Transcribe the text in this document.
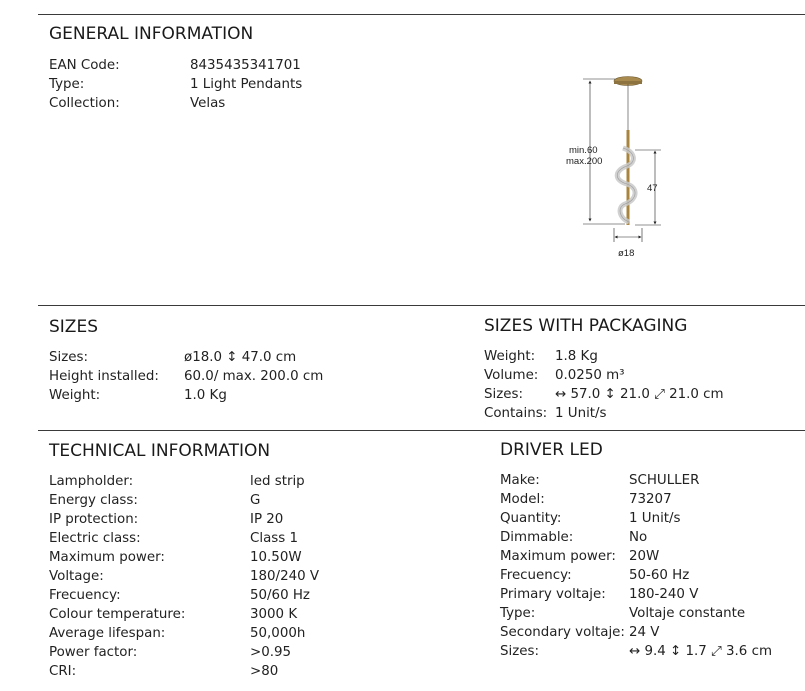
GENERAL INFORMATION
EAN Code:	8435435341701
Type:	1 Light Pendants
Collection:	Velas
min.60
max.200
47
ø18
SIZES
Sizes:	ø18.0 ↕ 47.0 cm
Height installed: 60.0/ max. 200.0 cm
Weight:	1.0 Kg
SIZES WITH PACKAGING
Weight: 1.8 Kg
Volume: 0.0250 m³
Sizes: ↔ 57.0 ↕ 21.0 ⤢ 21.0 cm
Contains: 1 Unit/s
TECHNICAL INFORMATION
Lampholder:	led strip
Energy class:	G
IP protection:	IP 20
Electric class:	Class 1
Maximum power:	10.50W
Voltage:	180/240 V
Frecuency:	50/60 Hz
Colour temperature:	3000 K
Average lifespan:	50,000h
Power factor:	>0.95
CRI:	>80
DRIVER LED
Make:	SCHULLER
Model:	73207
Quantity:	1 Unit/s
Dimmable:	No
Maximum power: 20W
Frecuency:	50-60 Hz
Primary voltaje: 180-240 V
Type:	Voltaje constante
Secondary voltaje: 24 V
Sizes:	↔ 9.4 ↕ 1.7 ⤢ 3.6 cm
